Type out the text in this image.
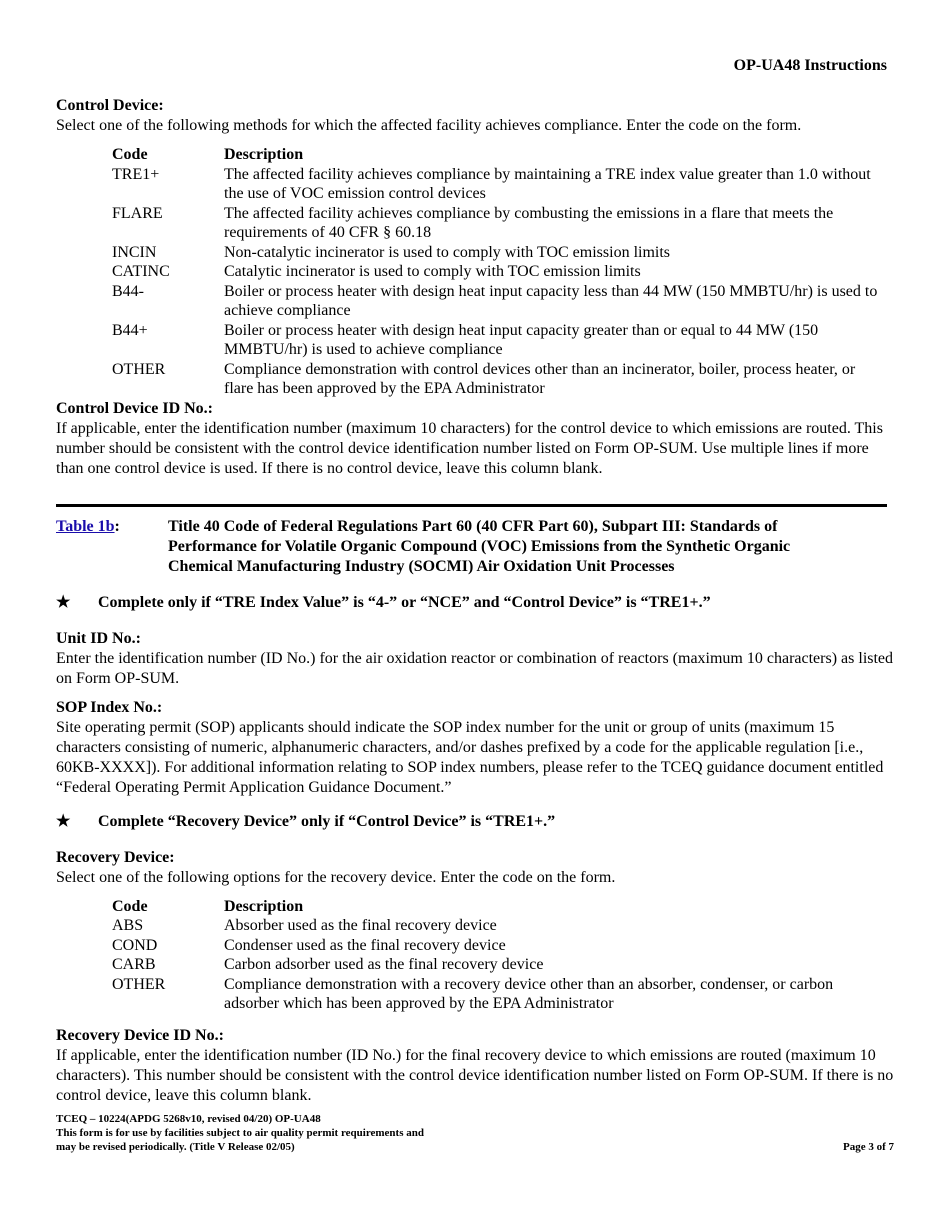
OP-UA48 Instructions
Control Device:

Select one of the following methods for which the affected facility achieves compliance. Enter the code on the form.

Code	Description
TRE1+	The affected facility achieves compliance by maintaining a TRE index value greater than 1.0 without the use of VOC emission control devices
FLARE	The affected facility achieves compliance by combusting the emissions in a flare that meets the requirements of 40 CFR § 60.18
INCIN	Non-catalytic incinerator is used to comply with TOC emission limits
CATINC	Catalytic incinerator is used to comply with TOC emission limits
B44-	Boiler or process heater with design heat input capacity less than 44 MW (150 MMBTU/hr) is used to achieve compliance
B44+	Boiler or process heater with design heat input capacity greater than or equal to 44 MW (150 MMBTU/hr) is used to achieve compliance
OTHER	Compliance demonstration with control devices other than an incinerator, boiler, process heater, or flare has been approved by the EPA Administrator
Control Device ID No.:

If applicable, enter the identification number (maximum 10 characters) for the control device to which emissions are routed. This number should be consistent with the control device identification number listed on Form OP-SUM. Use multiple lines if more than one control device is used. If there is no control device, leave this column blank.

Table 1b:	Title 40 Code of Federal Regulations Part 60 (40 CFR Part 60), Subpart III: Standards of Performance for Volatile Organic Compound (VOC) Emissions from the Synthetic Organic Chemical Manufacturing Industry (SOCMI) Air Oxidation Unit Processes
★	Complete only if “TRE Index Value” is “4-” or “NCE” and “Control Device” is “TRE1+.”
Unit ID No.:

Enter the identification number (ID No.) for the air oxidation reactor or combination of reactors (maximum 10 characters) as listed on Form OP-SUM.

SOP Index No.:

Site operating permit (SOP) applicants should indicate the SOP index number for the unit or group of units (maximum 15 characters consisting of numeric, alphanumeric characters, and/or dashes prefixed by a code for the applicable regulation [i.e., 60KB-XXXX]). For additional information relating to SOP index numbers, please refer to the TCEQ guidance document entitled “Federal Operating Permit Application Guidance Document.”

★	Complete “Recovery Device” only if “Control Device” is “TRE1+.”
Recovery Device:

Select one of the following options for the recovery device. Enter the code on the form.

Code	Description
ABS	Absorber used as the final recovery device
COND	Condenser used as the final recovery device
CARB	Carbon adsorber used as the final recovery device
OTHER	Compliance demonstration with a recovery device other than an absorber, condenser, or carbon adsorber which has been approved by the EPA Administrator
Recovery Device ID No.:

If applicable, enter the identification number (ID No.) for the final recovery device to which emissions are routed (maximum 10 characters). This number should be consistent with the control device identification number listed on Form OP-SUM. If there is no control device, leave this column blank.

TCEQ – 10224(APDG 5268v10, revised 04/20) OP-UA48
This form is for use by facilities subject to air quality permit requirements and
may be revised periodically. (Title V Release 02/05)	Page 3 of 7
